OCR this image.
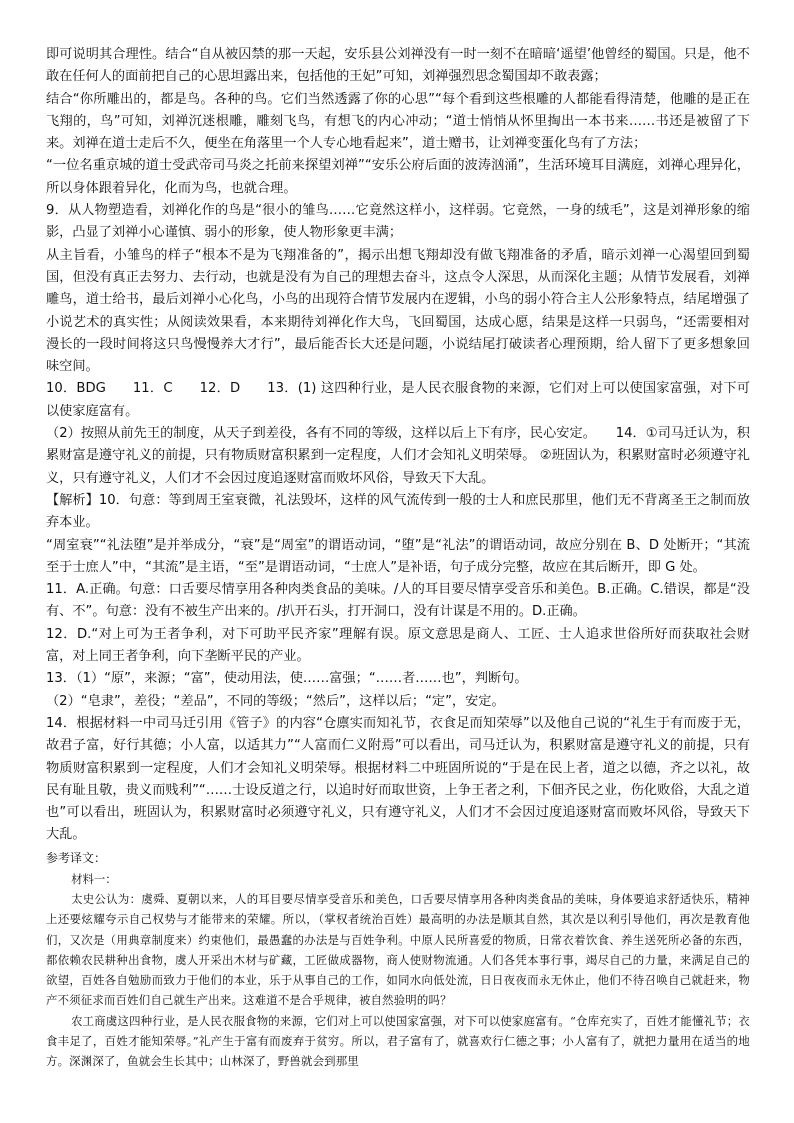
即可说明其合理性。结合“自从被囚禁的那一天起，安乐县公刘禅没有一时一刻不在暗暗‘遥望’他曾经的蜀国。只是，他不敢在任何人的面前把自己的心思坦露出来，包括他的王妃”可知，刘禅强烈思念蜀国却不敢表露；

结合“你所雕出的，都是鸟。各种的鸟。它们当然透露了你的心思”“每个看到这些根雕的人都能看得清楚，他雕的是正在飞翔的，鸟”可知，刘禅沉迷根雕，雕刻飞鸟，有想飞的内心冲动；“道士悄悄从怀里掏出一本书来……书还是被留了下来。刘禅在道士走后不久，便坐在角落里一个人专心地看起来”，道士赠书，让刘禅变蛋化鸟有了方法；

“一位名重京城的道士受武帝司马炎之托前来探望刘禅”“安乐公府后面的波涛汹涌”，生活环境耳目满庭，刘禅心理异化，所以身体跟着异化，化而为鸟，也就合理。

9．从人物塑造看，刘禅化作的鸟是“很小的雏鸟……它竟然这样小，这样弱。它竟然，一身的绒毛”，这是刘禅形象的缩影，凸显了刘禅小心谨慎、弱小的形象，使人物形象更丰满；

从主旨看，小雏鸟的样子“根本不是为飞翔准备的”，揭示出想飞翔却没有做飞翔准备的矛盾，暗示刘禅一心渴望回到蜀国，但没有真正去努力、去行动，也就是没有为自己的理想去奋斗，这点令人深思，从而深化主题；从情节发展看，刘禅雕鸟，道士给书，最后刘禅小心化鸟，小鸟的出现符合情节发展内在逻辑，小鸟的弱小符合主人公形象特点，结尾增强了小说艺术的真实性；从阅读效果看，本来期待刘禅化作大鸟，飞回蜀国，达成心愿，结果是这样一只弱鸟，“还需要相对漫长的一段时间将这只鸟慢慢养大才行”，最后能否长大还是问题，小说结尾打破读者心理预期，给人留下了更多想象回味空间。

10．BDG　　11．C　　12．D　　13．(1) 这四种行业，是人民衣服食物的来源，它们对上可以使国家富强，对下可以使家庭富有。

（2）按照从前先王的制度，从天子到差役，各有不同的等级，这样以后上下有序，民心安定。　　14．①司马迁认为，积累财富是遵守礼义的前提，只有物质财富积累到一定程度，人们才会知礼义明荣辱。 ②班固认为，积累财富时必须遵守礼义，只有遵守礼义，人们才不会因过度追逐财富而败坏风俗，导致天下大乱。

【解析】10．句意：等到周王室衰微，礼法毁坏，这样的风气流传到一般的士人和庶民那里，他们无不背离圣王之制而放弃本业。

“周室衰”“礼法堕”是并举成分，“衰”是“周室”的谓语动词，“堕”是“礼法”的谓语动词，故应分别在 B、D 处断开；“其流至于士庶人”中，“其流”是主语，“至”是谓语动词，“士庶人”是补语，句子成分完整，故应在其后断开，即 G 处。

11．A.正确。句意：口舌要尽情享用各种肉类食品的美味。/人的耳目要尽情享受音乐和美色。B.正确。C.错误，都是“没有、不”。句意：没有不被生产出来的。/扒开石头，打开洞口，没有计谋是不用的。D.正确。

12．D.“对上可为王者争利，对下可助平民齐家”理解有误。原文意思是商人、工匠、士人追求世俗所好而获取社会财富，对上同王者争利，向下垄断平民的产业。

13．（1）“原”，来源；“富”，使动用法，使……富强；“……者……也”，判断句。

（2）“皂隶”，差役；“差品”，不同的等级；“然后”，这样以后；“定”，安定。

14．根据材料一中司马迁引用《管子》的内容“仓廪实而知礼节，衣食足而知荣辱”以及他自己说的“礼生于有而废于无，故君子富，好行其德；小人富，以适其力”“人富而仁义附焉”可以看出，司马迁认为，积累财富是遵守礼义的前提，只有物质财富积累到一定程度，人们才会知礼义明荣辱。根据材料二中班固所说的“于是在民上者，道之以德，齐之以礼，故民有耻且敬，贵义而贱利”“……士设反道之行，以追时好而取世资，上争王者之利，下佃齐民之业，伤化败俗，大乱之道也”可以看出，班固认为，积累财富时必须遵守礼义，只有遵守礼义，人们才不会因过度追逐财富而败坏风俗，导致天下大乱。

参考译文：

材料一：

太史公认为：虞舜、夏朝以来，人的耳目要尽情享受音乐和美色，口舌要尽情享用各种肉类食品的美味，身体要追求舒适快乐，精神上还要炫耀夸示自己权势与才能带来的荣耀。所以，（掌权者统治百姓）最高明的办法是顺其自然，其次是以利引导他们，再次是教育他们，又次是（用典章制度来）约束他们，最愚蠢的办法是与百姓争利。中原人民所喜爱的物质，日常衣着饮食、养生送死所必备的东西，都依赖农民耕种出食物，虞人开采出木材与矿藏，工匠做成器物，商人使财物流通。人们各凭本事行事，竭尽自己的力量，来满足自己的欲望，百姓各自勉励而致力于他们的本业，乐于从事自己的工作，如同水向低处流，日日夜夜而永无休止，他们不待召唤自己就赶来，物产不须征求而百姓们自己就生产出来。这难道不是合乎规律，被自然验明的吗？

农工商虞这四种行业，是人民衣服食物的来源，它们对上可以使国家富强，对下可以使家庭富有。“仓库充实了，百姓才能懂礼节；衣食丰足了，百姓才能知荣辱。”礼产生于富有而废弃于贫穷。所以，君子富有了，就喜欢行仁德之事；小人富有了，就把力量用在适当的地方。深渊深了，鱼就会生长其中；山林深了，野兽就会到那里
